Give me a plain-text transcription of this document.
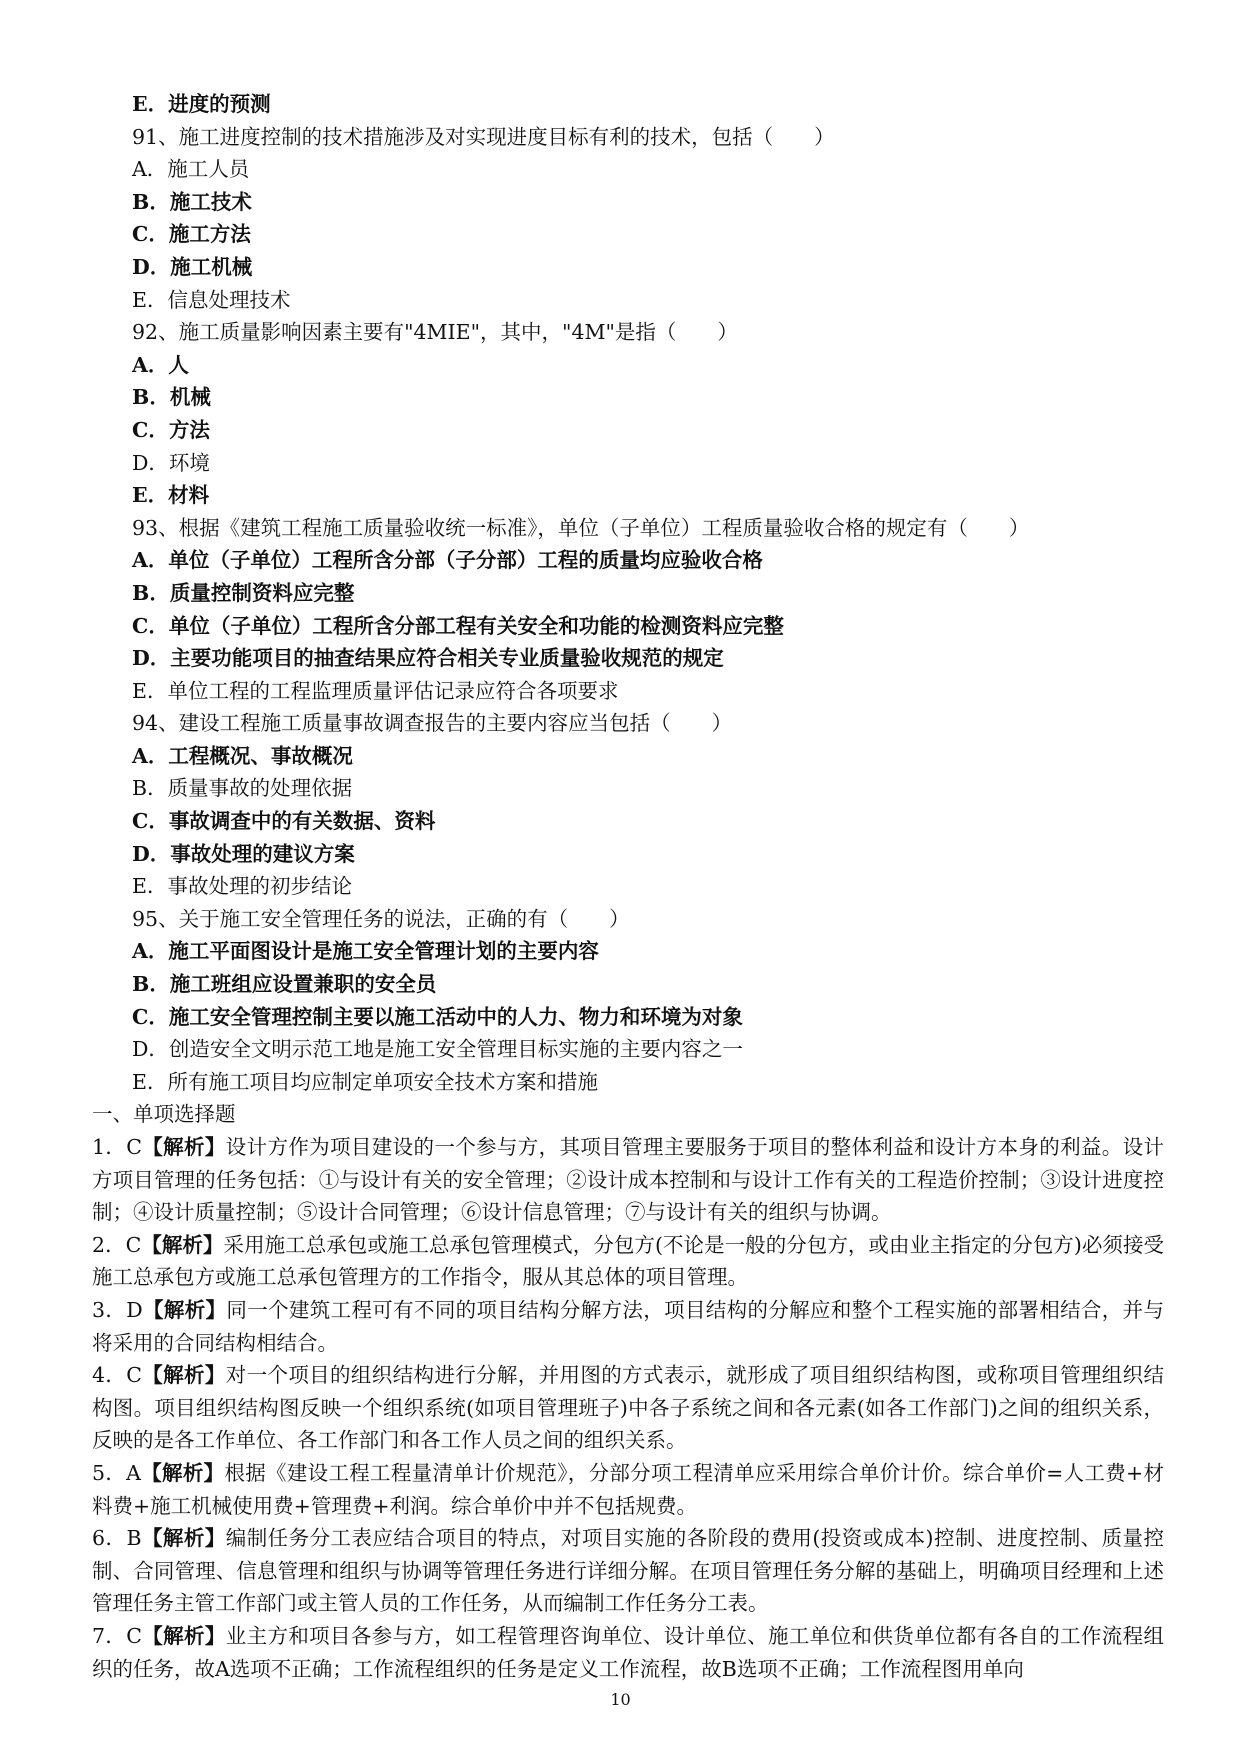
E．进度的预测
91、施工进度控制的技术措施涉及对实现进度目标有利的技术，包括（　　）
A．施工人员
B．施工技术
C．施工方法
D．施工机械
E．信息处理技术
92、施工质量影响因素主要有"4MIE"，其中，"4M"是指（　　）
A．人
B．机械
C．方法
D．环境
E．材料
93、根据《建筑工程施工质量验收统一标准》，单位（子单位）工程质量验收合格的规定有（　　）
A．单位（子单位）工程所含分部（子分部）工程的质量均应验收合格
B．质量控制资料应完整
C．单位（子单位）工程所含分部工程有关安全和功能的检测资料应完整
D．主要功能项目的抽查结果应符合相关专业质量验收规范的规定
E．单位工程的工程监理质量评估记录应符合各项要求
94、建设工程施工质量事故调查报告的主要内容应当包括（　　）
A．工程概况、事故概况
B．质量事故的处理依据
C．事故调查中的有关数据、资料
D．事故处理的建议方案
E．事故处理的初步结论
95、关于施工安全管理任务的说法，正确的有（　　）
A．施工平面图设计是施工安全管理计划的主要内容
B．施工班组应设置兼职的安全员
C．施工安全管理控制主要以施工活动中的人力、物力和环境为对象
D．创造安全文明示范工地是施工安全管理目标实施的主要内容之一
E．所有施工项目均应制定单项安全技术方案和措施
一、单项选择题
1．C【解析】设计方作为项目建设的一个参与方，其项目管理主要服务于项目的整体利益和设计方本身的利益。设计方项目管理的任务包括：①与设计有关的安全管理；②设计成本控制和与设计工作有关的工程造价控制；③设计进度控制；④设计质量控制；⑤设计合同管理；⑥设计信息管理；⑦与设计有关的组织与协调。
2．C【解析】采用施工总承包或施工总承包管理模式，分包方(不论是一般的分包方，或由业主指定的分包方)必须接受施工总承包方或施工总承包管理方的工作指令，服从其总体的项目管理。
3．D【解析】同一个建筑工程可有不同的项目结构分解方法，项目结构的分解应和整个工程实施的部署相结合，并与将采用的合同结构相结合。
4．C【解析】对一个项目的组织结构进行分解，并用图的方式表示，就形成了项目组织结构图，或称项目管理组织结构图。项目组织结构图反映一个组织系统(如项目管理班子)中各子系统之间和各元素(如各工作部门)之间的组织关系，反映的是各工作单位、各工作部门和各工作人员之间的组织关系。
5．A【解析】根据《建设工程工程量清单计价规范》，分部分项工程清单应采用综合单价计价。综合单价=人工费+材料费+施工机械使用费+管理费+利润。综合单价中并不包括规费。
6．B【解析】编制任务分工表应结合项目的特点，对项目实施的各阶段的费用(投资或成本)控制、进度控制、质量控制、合同管理、信息管理和组织与协调等管理任务进行详细分解。在项目管理任务分解的基础上，明确项目经理和上述管理任务主管工作部门或主管人员的工作任务，从而编制工作任务分工表。
7．C【解析】业主方和项目各参与方，如工程管理咨询单位、设计单位、施工单位和供货单位都有各自的工作流程组织的任务，故A选项不正确；工作流程组织的任务是定义工作流程，故B选项不正确；工作流程图用单向
10
